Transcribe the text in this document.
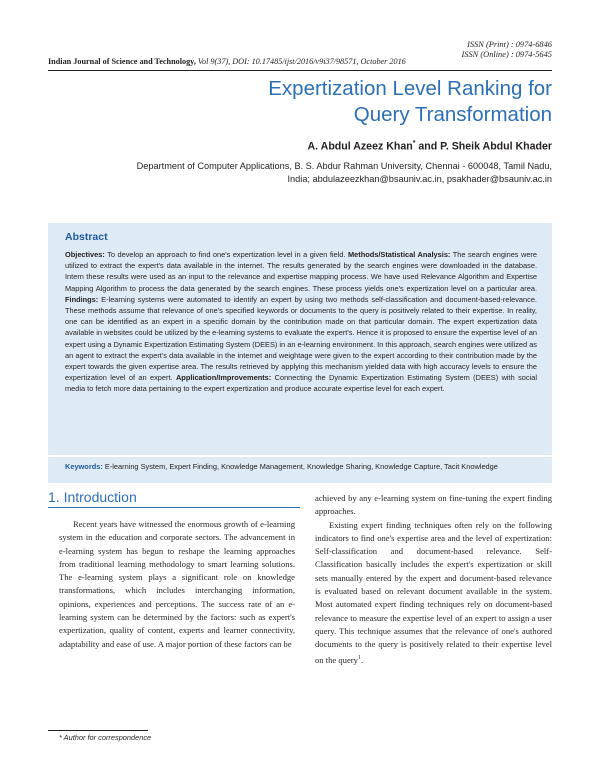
ISSN (Print) : 0974-6846
ISSN (Online) : 0974-5645
Indian Journal of Science and Technology, Vol 9(37), DOI: 10.17485/ijst/2016/v9i37/98571, October 2016
Expertization Level Ranking for
Query Transformation
A. Abdul Azeez Khan* and P. Sheik Abdul Khader
Department of Computer Applications, B. S. Abdur Rahman University, Chennai - 600048, Tamil Nadu,
India; abdulazeezkhan@bsauniv.ac.in, psakhader@bsauniv.ac.in
Abstract
Objectives: To develop an approach to find one's expertization level in a given field. Methods/Statistical Analysis: The search engines were utilized to extract the expert's data available in the internet. The results generated by the search engines were downloaded in the database. Intern these results were used as an input to the relevance and expertise mapping process. We have used Relevance Algorithm and Expertise Mapping Algorithm to process the data generated by the search engines. These process yields one's expertization level on a particular area. Findings: E-learning systems were automated to identify an expert by using two methods self-classification and document-based-relevance. These methods assume that relevance of one's specified keywords or documents to the query is positively related to their expertise. In reality, one can be identified as an expert in a specific domain by the contribution made on that particular domain. The expert expertization data available in websites could be utilized by the e-learning systems to evaluate the expert's. Hence it is proposed to ensure the expertise level of an expert using a Dynamic Expertization Estimating System (DEES) in an e-learning environment. In this approach, search engines were utilized as an agent to extract the expert's data available in the internet and weightage were given to the expert according to their contribution made by the expert towards the given expertise area. The results retrieved by applying this mechanism yielded data with high accuracy levels to ensure the expertization level of an expert. Application/Improvements: Connecting the Dynamic Expertization Estimating System (DEES) with social media to fetch more data pertaining to the expert expertization and produce accurate expertise level for each expert.
Keywords: E-learning System, Expert Finding, Knowledge Management, Knowledge Sharing, Knowledge Capture, Tacit Knowledge
1. Introduction

Recent years have witnessed the enormous growth of e-learning system in the education and corporate sectors. The advancement in e-learning system has begun to reshape the learning approaches from traditional learning methodology to smart learning solutions. The e-learning system plays a significant role on knowledge transformations, which includes interchanging information, opinions, experiences and perceptions. The success rate of an e-learning system can be determined by the factors: such as expert's expertization, quality of content, experts and learner connectivity, adaptability and ease of use. A major portion of these factors can be

achieved by any e-learning system on fine-tuning the expert finding approaches.

Existing expert finding techniques often rely on the following indicators to find one's expertise area and the level of expertization: Self-classification and document-based relevance. Self-Classification basically includes the expert's expertization or skill sets manually entered by the expert and document-based relevance is evaluated based on relevant document available in the system. Most automated expert finding techniques rely on document-based relevance to measure the expertise level of an expert to assign a user query. This technique assumes that the relevance of one's authored documents to the query is positively related to their expertise level on the query$^1$.

* Author for correspondence
